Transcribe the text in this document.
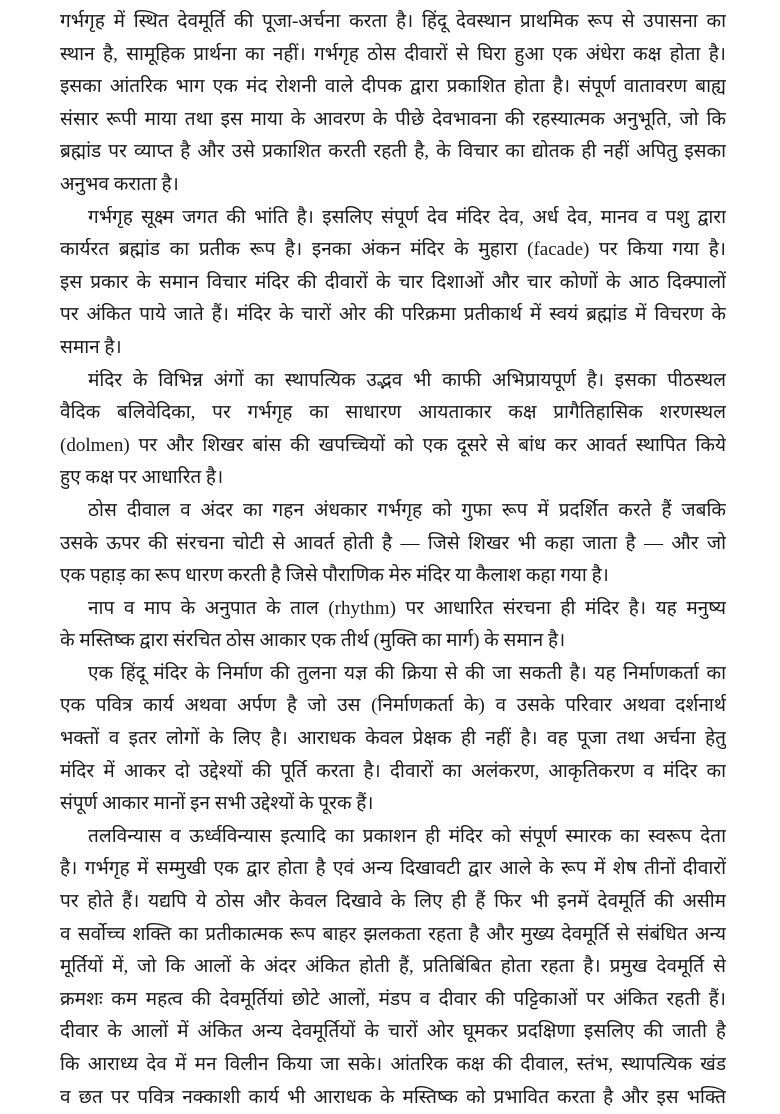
गर्भगृह में स्थित देवमूर्ति की पूजा-अर्चना करता है। हिंदू देवस्थान प्राथमिक रूप से उपासना का
स्थान है, सामूहिक प्रार्थना का नहीं। गर्भगृह ठोस दीवारों से घिरा हुआ एक अंधेरा कक्ष होता है।
इसका आंतरिक भाग एक मंद रोशनी वाले दीपक द्वारा प्रकाशित होता है। संपूर्ण वातावरण बाह्य
संसार रूपी माया तथा इस माया के आवरण के पीछे देवभावना की रहस्यात्मक अनुभूति, जो कि
ब्रह्मांड पर व्याप्त है और उसे प्रकाशित करती रहती है, के विचार का द्योतक ही नहीं अपितु इसका
अनुभव कराता है।
गर्भगृह सूक्ष्म जगत की भांति है। इसलिए संपूर्ण देव मंदिर देव, अर्ध देव, मानव व पशु द्वारा
कार्यरत ब्रह्मांड का प्रतीक रूप है। इनका अंकन मंदिर के मुहारा (facade) पर किया गया है।
इस प्रकार के समान विचार मंदिर की दीवारों के चार दिशाओं और चार कोणों के आठ दिक्पालों
पर अंकित पाये जाते हैं। मंदिर के चारों ओर की परिक्रमा प्रतीकार्थ में स्वयं ब्रह्मांड में विचरण के
समान है।
मंदिर के विभिन्न अंगों का स्थापत्यिक उद्भव भी काफी अभिप्रायपूर्ण है। इसका पीठस्थल
वैदिक बलिवेदिका, पर गर्भगृह का साधारण आयताकार कक्ष प्रागैतिहासिक शरणस्थल
(dolmen) पर और शिखर बांस की खपच्चियों को एक दूसरे से बांध कर आवर्त स्थापित किये
हुए कक्ष पर आधारित है।
ठोस दीवाल व अंदर का गहन अंधकार गर्भगृह को गुफा रूप में प्रदर्शित करते हैं जबकि
उसके ऊपर की संरचना चोटी से आवर्त होती है — जिसे शिखर भी कहा जाता है — और जो
एक पहाड़ का रूप धारण करती है जिसे पौराणिक मेरु मंदिर या कैलाश कहा गया है।
नाप व माप के अनुपात के ताल (rhythm) पर आधारित संरचना ही मंदिर है। यह मनुष्य
के मस्तिष्क द्वारा संरचित ठोस आकार एक तीर्थ (मुक्ति का मार्ग) के समान है।
एक हिंदू मंदिर के निर्माण की तुलना यज्ञ की क्रिया से की जा सकती है। यह निर्माणकर्ता का
एक पवित्र कार्य अथवा अर्पण है जो उस (निर्माणकर्ता के) व उसके परिवार अथवा दर्शनार्थ
भक्तों व इतर लोगों के लिए है। आराधक केवल प्रेक्षक ही नहीं है। वह पूजा तथा अर्चना हेतु
मंदिर में आकर दो उद्देश्यों की पूर्ति करता है। दीवारों का अलंकरण, आकृतिकरण व मंदिर का
संपूर्ण आकार मानों इन सभी उद्देश्यों के पूरक हैं।
तलविन्यास व ऊर्ध्वविन्यास इत्यादि का प्रकाशन ही मंदिर को संपूर्ण स्मारक का स्वरूप देता
है। गर्भगृह में सम्मुखी एक द्वार होता है एवं अन्य दिखावटी द्वार आले के रूप में शेष तीनों दीवारों
पर होते हैं। यद्यपि ये ठोस और केवल दिखावे के लिए ही हैं फिर भी इनमें देवमूर्ति की असीम
व सर्वोच्च शक्ति का प्रतीकात्मक रूप बाहर झलकता रहता है और मुख्य देवमूर्ति से संबंधित अन्य
मूर्तियों में, जो कि आलों के अंदर अंकित होती हैं, प्रतिबिंबित होता रहता है। प्रमुख देवमूर्ति से
क्रमशः कम महत्व की देवमूर्तियां छोटे आलों, मंडप व दीवार की पट्टिकाओं पर अंकित रहती हैं।
दीवार के आलों में अंकित अन्य देवमूर्तियों के चारों ओर घूमकर प्रदक्षिणा इसलिए की जाती है
कि आराध्य देव में मन विलीन किया जा सके। आंतरिक कक्ष की दीवाल, स्तंभ, स्थापत्यिक खंड
व छत पर पवित्र नक्काशी कार्य भी आराधक के मस्तिष्क को प्रभावित करता है और इस भक्ति
